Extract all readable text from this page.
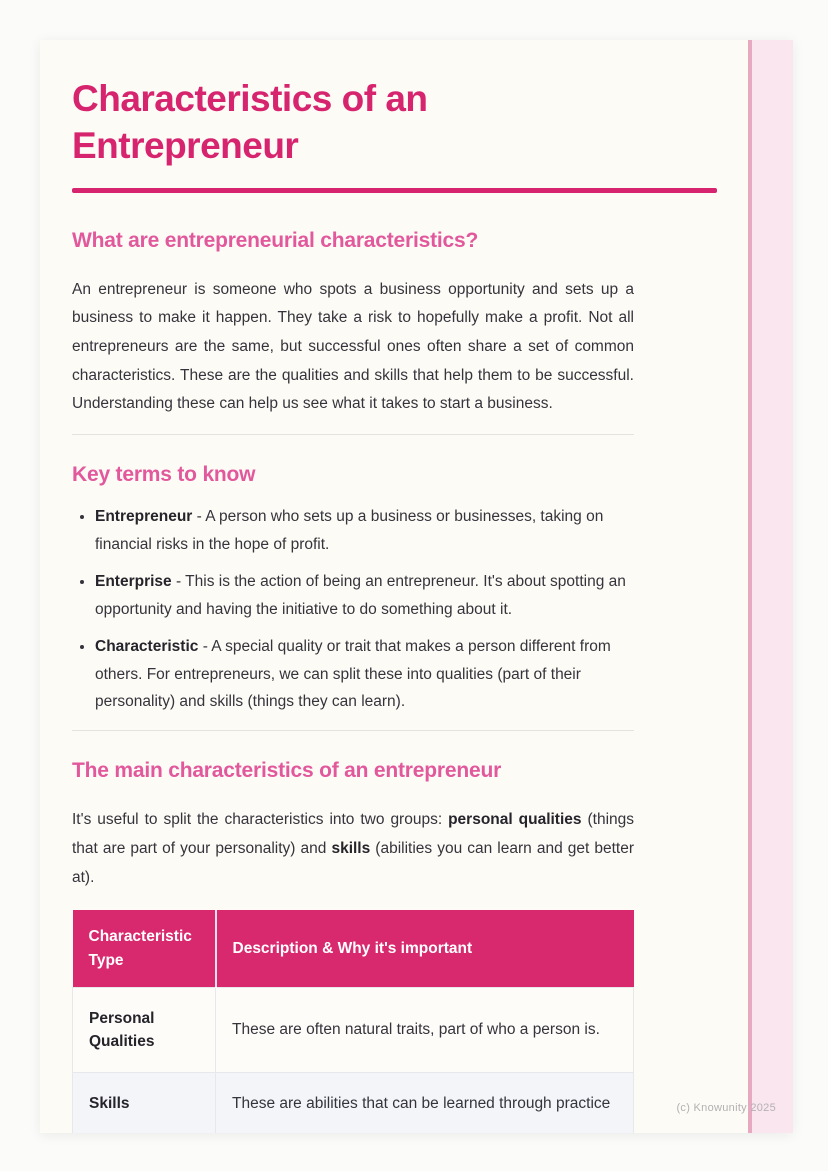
Characteristics of an Entrepreneur
What are entrepreneurial characteristics?

An entrepreneur is someone who spots a business opportunity and sets up a business to make it happen. They take a risk to hopefully make a profit. Not all entrepreneurs are the same, but successful ones often share a set of common characteristics. These are the qualities and skills that help them to be successful. Understanding these can help us see what it takes to start a business.

Key terms to know
• Entrepreneur - A person who sets up a business or businesses, taking on financial risks in the hope of profit.
• Enterprise - This is the action of being an entrepreneur. It's about spotting an opportunity and having the initiative to do something about it.
• Characteristic - A special quality or trait that makes a person different from others. For entrepreneurs, we can split these into qualities (part of their personality) and skills (things they can learn).
The main characteristics of an entrepreneur

It's useful to split the characteristics into two groups: personal qualities (things that are part of your personality) and skills (abilities you can learn and get better at).

Characteristic Type	Description & Why it's important
Personal Qualities	These are often natural traits, part of who a person is.
Skills	These are abilities that can be learned through practice	(c) Knowunity 2025
